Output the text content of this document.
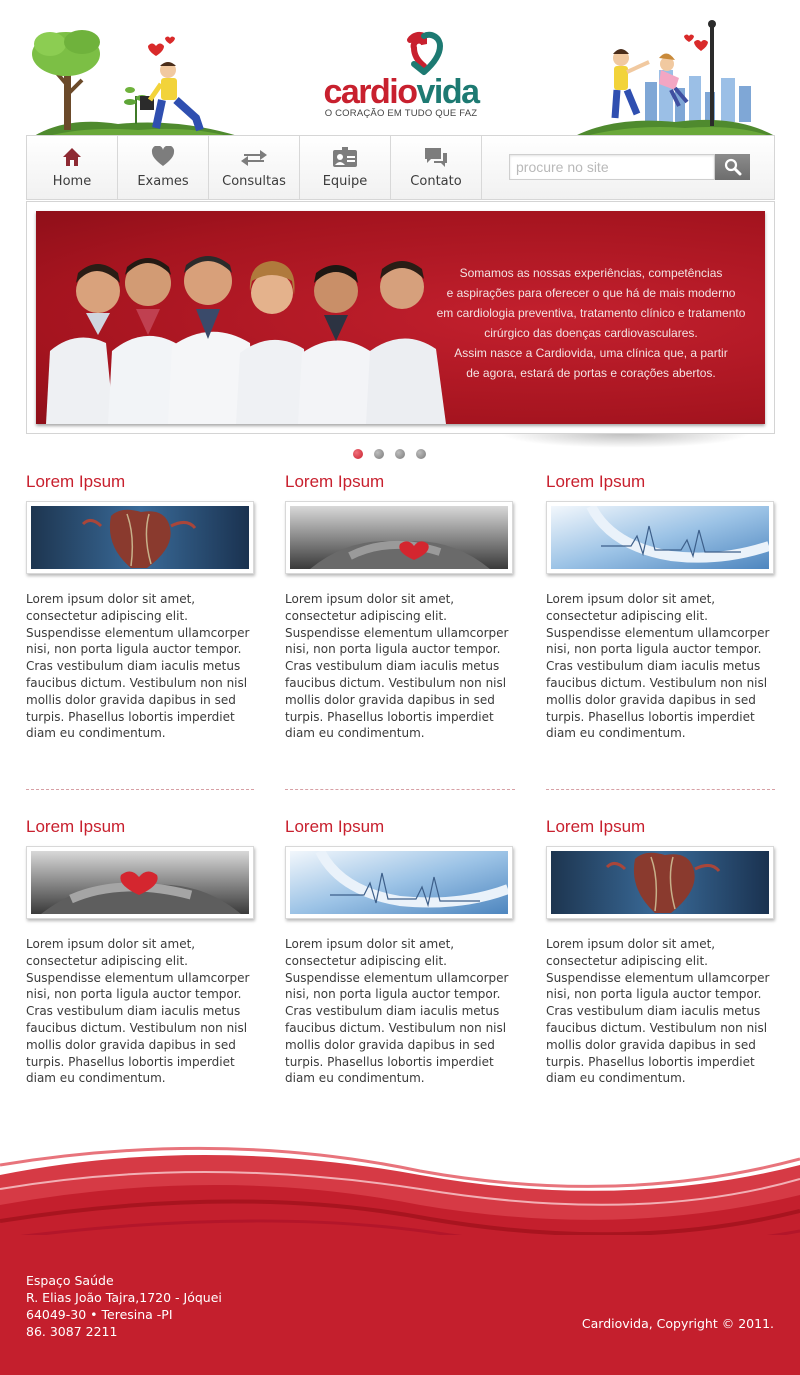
cardiovida
O CORAÇÃO EM TUDO QUE FAZ
Home	Exames	Consultas	Equipe	Contato
procure no site
Somamos as nossas experiências, competências
e aspirações para oferecer o que há de mais moderno
em cardiologia preventiva, tratamento clínico e tratamento
cirúrgico das doenças cardiovasculares.
Assim nasce a Cardiovida, uma clínica que, a partir
de agora, estará de portas e corações abertos.
Lorem Ipsum

Lorem ipsum dolor sit amet, consectetur adipiscing elit. Suspendisse elementum ullamcorper nisi, non porta ligula auctor tempor. Cras vestibulum diam iaculis metus faucibus dictum. Vestibulum non nisl mollis dolor gravida dapibus in sed turpis. Phasellus lobortis imperdiet diam eu condimentum.

Lorem Ipsum

Lorem ipsum dolor sit amet, consectetur adipiscing elit. Suspendisse elementum ullamcorper nisi, non porta ligula auctor tempor. Cras vestibulum diam iaculis metus faucibus dictum. Vestibulum non nisl mollis dolor gravida dapibus in sed turpis. Phasellus lobortis imperdiet diam eu condimentum.

Lorem Ipsum

Lorem ipsum dolor sit amet, consectetur adipiscing elit. Suspendisse elementum ullamcorper nisi, non porta ligula auctor tempor. Cras vestibulum diam iaculis metus faucibus dictum. Vestibulum non nisl mollis dolor gravida dapibus in sed turpis. Phasellus lobortis imperdiet diam eu condimentum.

Lorem Ipsum

Lorem ipsum dolor sit amet, consectetur adipiscing elit. Suspendisse elementum ullamcorper nisi, non porta ligula auctor tempor. Cras vestibulum diam iaculis metus faucibus dictum. Vestibulum non nisl mollis dolor gravida dapibus in sed turpis. Phasellus lobortis imperdiet diam eu condimentum.

Lorem Ipsum

Lorem ipsum dolor sit amet, consectetur adipiscing elit. Suspendisse elementum ullamcorper nisi, non porta ligula auctor tempor. Cras vestibulum diam iaculis metus faucibus dictum. Vestibulum non nisl mollis dolor gravida dapibus in sed turpis. Phasellus lobortis imperdiet diam eu condimentum.

Lorem Ipsum

Lorem ipsum dolor sit amet, consectetur adipiscing elit. Suspendisse elementum ullamcorper nisi, non porta ligula auctor tempor. Cras vestibulum diam iaculis metus faucibus dictum. Vestibulum non nisl mollis dolor gravida dapibus in sed turpis. Phasellus lobortis imperdiet diam eu condimentum.

Espaço Saúde
R. Elias João Tajra,1720 - Jóquei
64049-30 • Teresina -PI
86. 3087 2211
Cardiovida, Copyright © 2011.
